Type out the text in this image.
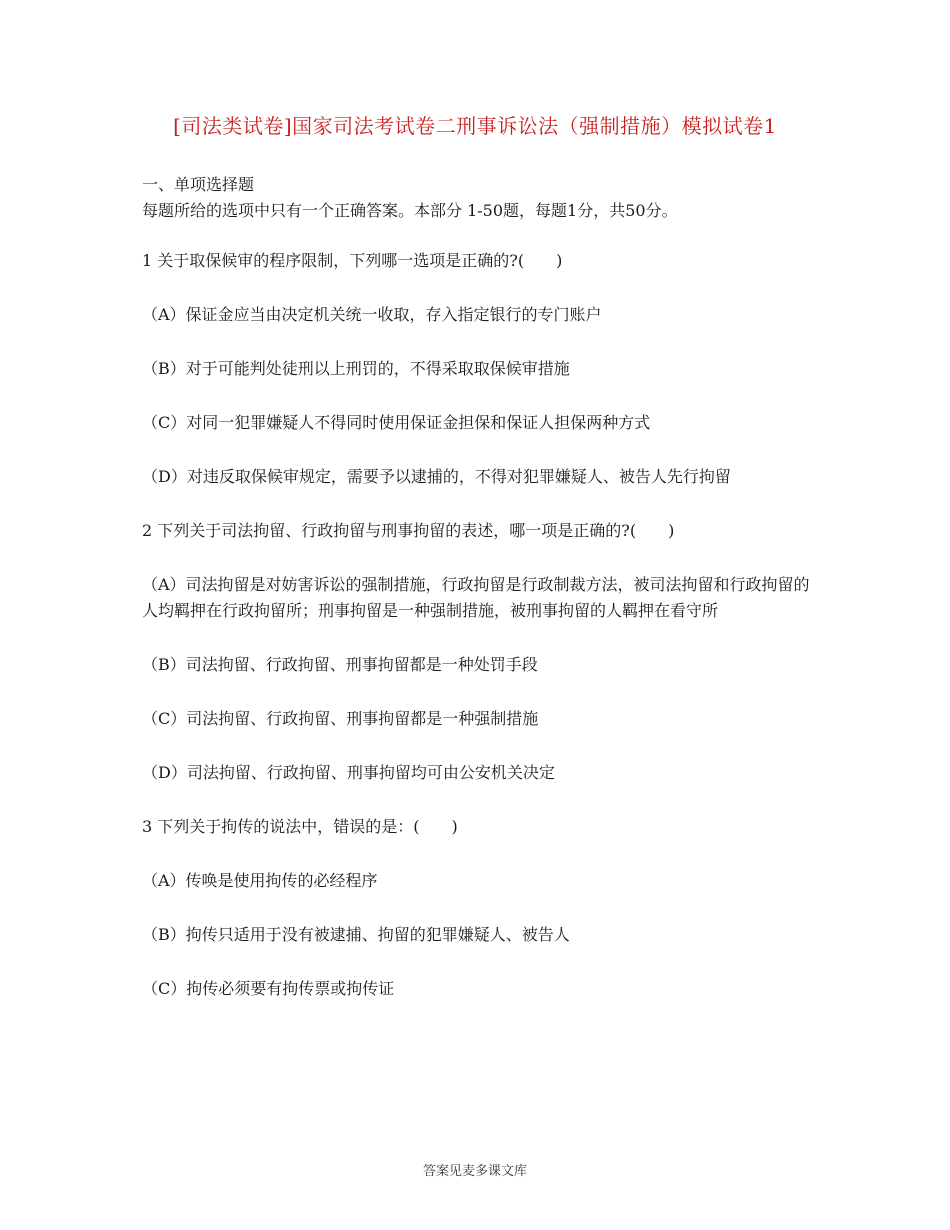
[司法类试卷]国家司法考试卷二刑事诉讼法（强制措施）模拟试卷1

一、单项选择题

每题所给的选项中只有一个正确答案。本部分 1-50题，每题1分，共50分。

1 关于取保候审的程序限制，下列哪一选项是正确的?(　　)

（A）保证金应当由决定机关统一收取，存入指定银行的专门账户

（B）对于可能判处徒刑以上刑罚的，不得采取取保候审措施

（C）对同一犯罪嫌疑人不得同时使用保证金担保和保证人担保两种方式

（D）对违反取保候审规定，需要予以逮捕的，不得对犯罪嫌疑人、被告人先行拘留

2 下列关于司法拘留、行政拘留与刑事拘留的表述，哪一项是正确的?(　　)

（A）司法拘留是对妨害诉讼的强制措施，行政拘留是行政制裁方法，被司法拘留和行政拘留的人均羁押在行政拘留所；刑事拘留是一种强制措施，被刑事拘留的人羁押在看守所

（B）司法拘留、行政拘留、刑事拘留都是一种处罚手段

（C）司法拘留、行政拘留、刑事拘留都是一种强制措施

（D）司法拘留、行政拘留、刑事拘留均可由公安机关决定

3 下列关于拘传的说法中，错误的是：(　　)

（A）传唤是使用拘传的必经程序

（B）拘传只适用于没有被逮捕、拘留的犯罪嫌疑人、被告人

（C）拘传必须要有拘传票或拘传证

答案见麦多课文库
